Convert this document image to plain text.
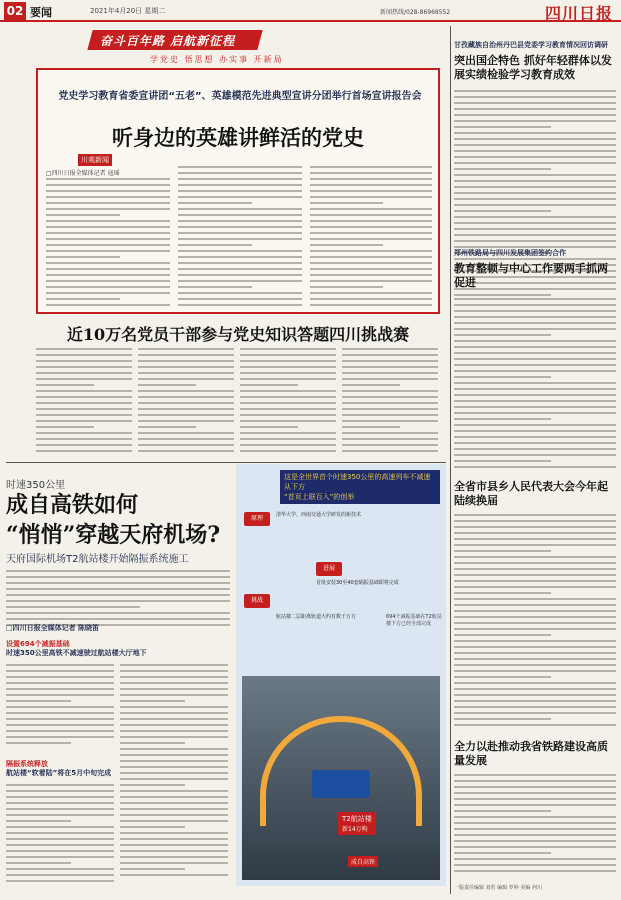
02 要闻	2021年4月20日 星期二	新闻热线/028-86968552	四川日报
奋斗百年路 启航新征程
学党史 悟思想 办实事 开新局
党史学习教育省委宣讲团“五老”、英雄模范先进典型宣讲分团举行首场宣讲报告会
听身边的英雄讲鲜活的党史
川观新闻
□四川日报全媒体记者 寇瑶
近10万名党员干部参与党史知识答题四川挑战赛
时速350公里
成自高铁如何
“悄悄”穿越天府机场?
天府国际机场T2航站楼开始隔振系统施工
□四川日报全媒体记者 陈晓笛
设置694个减振基础
时速350公里高铁不减速驶过航站楼大厅地下
隔振系统释放
航站楼“软着陆”将在5月中旬完成
这是全世界首个时速350公里的高速列车不减速从下方
“首页上联百入”的创举
原理	清华大学、西南交通大学研发的新技术
进展
首批安装30至40套隔振基础即将完成
挑战
航站楼二层距离轨道大约有数千万方	694个减振基础在T2航站楼下方已经全部完成
T2航站楼
新14万构
成自高铁
甘孜藏族自治州丹巴县党委学习教育情况回访调研
突出国企特色 抓好年轻群体以发展实绩检验学习教育成效
郑州铁路局与四川发展集团签约合作
教育整顿与中心工作要两手抓两促进
全省市县乡人民代表大会今年起陆续换届
全力以赴推动我省铁路建设高质量发展
一版责任编辑 刘若 编辑 罗婷 美编 何川
